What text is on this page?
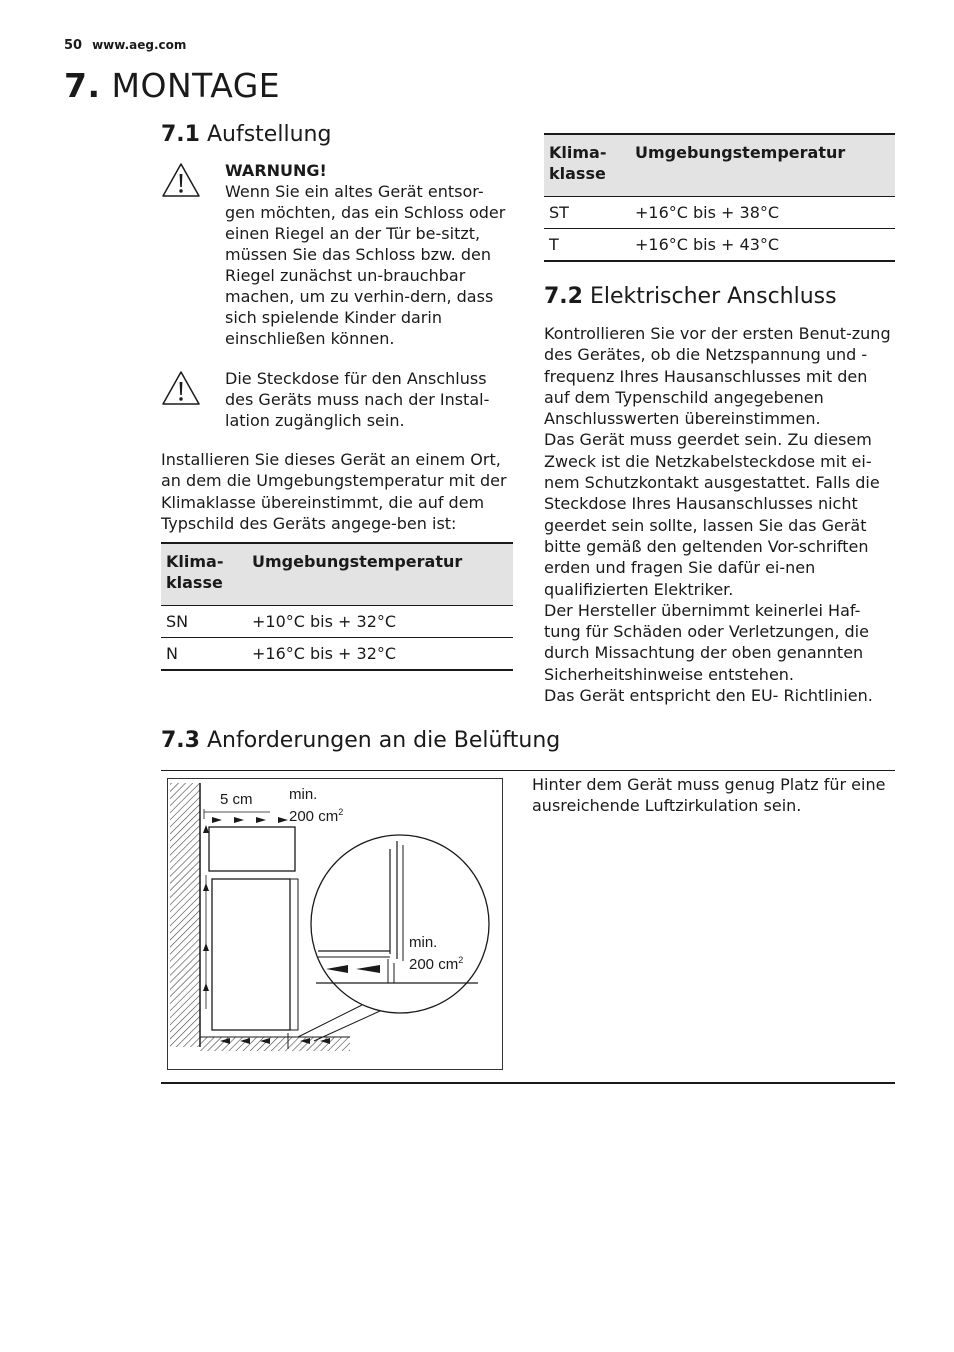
50 www.aeg.com
7. MONTAGE
7.1 Aufstellung
WARNUNG!
Wenn Sie ein altes Gerät entsor-gen möchten, das ein Schloss oder einen Riegel an der Tür be-sitzt, müssen Sie das Schloss bzw. den Riegel zunächst un-brauchbar machen, um zu verhin-dern, dass sich spielende Kinder darin einschließen können.
Die Steckdose für den Anschluss des Geräts muss nach der Instal-lation zugänglich sein.

Installieren Sie dieses Gerät an einem Ort, an dem die Umgebungstemperatur mit der Klimaklasse übereinstimmt, die auf dem Typschild des Geräts angege-ben ist:

Klima-klasse	Umgebungstemperatur
SN	+10°C bis + 32°C
N	+16°C bis + 32°C
Klima-klasse	Umgebungstemperatur
ST	+16°C bis + 38°C
T	+16°C bis + 43°C
7.2 Elektrischer Anschluss

Kontrollieren Sie vor der ersten Benut-zung des Gerätes, ob die Netzspannung und -frequenz Ihres Hausanschlusses mit den auf dem Typenschild angegebenen Anschlusswerten übereinstimmen.

Das Gerät muss geerdet sein. Zu diesem Zweck ist die Netzkabelsteckdose mit ei-nem Schutzkontakt ausgestattet. Falls die Steckdose Ihres Hausanschlusses nicht geerdet sein sollte, lassen Sie das Gerät bitte gemäß den geltenden Vor-schriften erden und fragen Sie dafür ei-nen qualifizierten Elektriker.

Der Hersteller übernimmt keinerlei Haf-tung für Schäden oder Verletzungen, die durch Missachtung der oben genannten Sicherheitshinweise entstehen.

Das Gerät entspricht den EU- Richtlinien.

7.3 Anforderungen an die Belüftung
5 cm min.
200 $cm^2$
min.
200 $cm^2$
Hinter dem Gerät muss genug Platz für eine ausreichende Luftzirkulation sein.
